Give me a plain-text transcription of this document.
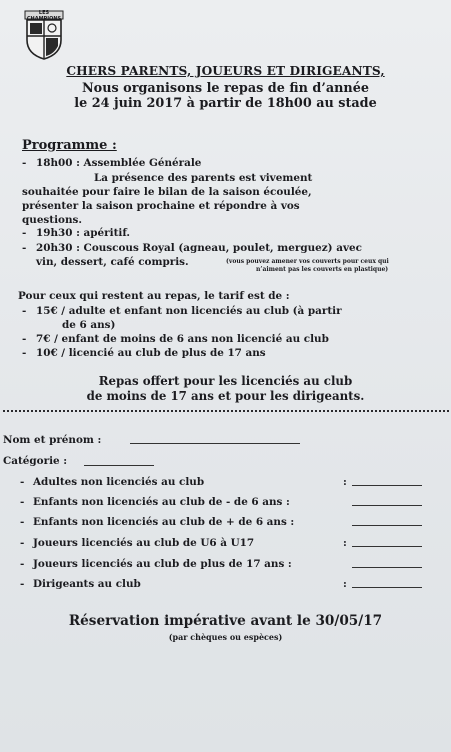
LES CHAMPIONS
CHERS PARENTS, JOUEURS ET DIRIGEANTS,
Nous organisons le repas de fin d’année
le 24 juin 2017 à partir de 18h00 au stade
Programme :
- 18h00 : Assemblée Générale
La présence des parents est vivement
souhaitée pour faire le bilan de la saison écoulée,
présenter la saison prochaine et répondre à vos
questions.
- 19h30 : apéritif.
- 20h30 : Couscous Royal (agneau, poulet, merguez) avec
vin, dessert, café compris.	(vous pouvez amener vos couverts pour ceux qui
n’aiment pas les couverts en plastique)
Pour ceux qui restent au repas, le tarif est de :
- 15€ / adulte et enfant non licenciés au club (à partir
de 6 ans)
- 7€ / enfant de moins de 6 ans non licencié au club
- 10€ / licencié au club de plus de 17 ans
Repas offert pour les licenciés au club
de moins de 17 ans et pour les dirigeants.
Nom et prénom :
Catégorie :
- Adultes non licenciés au club	:
- Enfants non licenciés au club de - de 6 ans :
- Enfants non licenciés au club de + de 6 ans :
- Joueurs licenciés au club de U6 à U17	:
- Joueurs licenciés au club de plus de 17 ans :
- Dirigeants au club	:
Réservation impérative avant le 30/05/17
(par chèques ou espèces)
